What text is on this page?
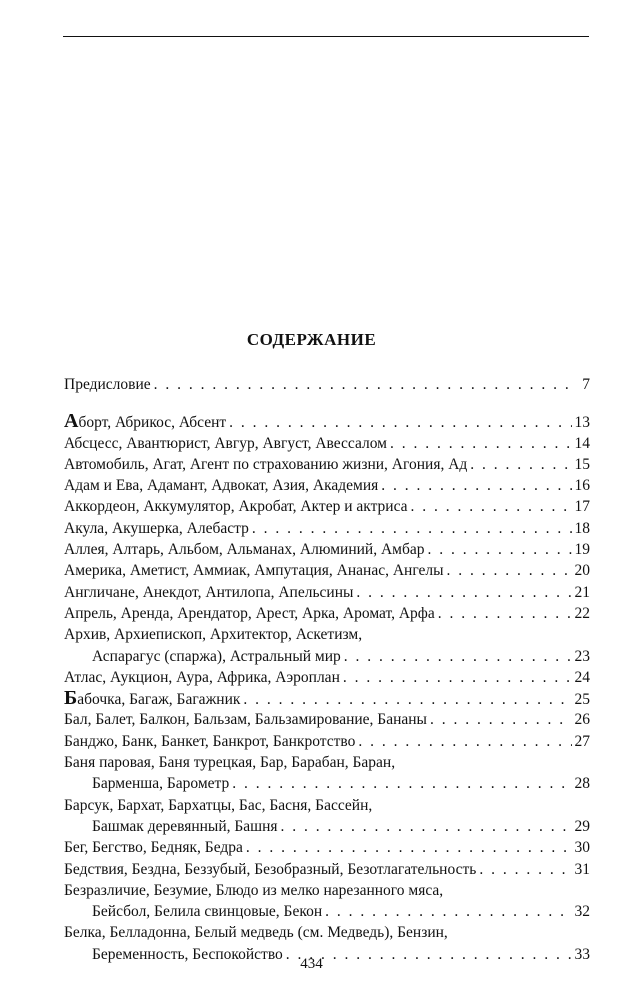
СОДЕРЖАНИЕ
Предисловие . . .	7
Аборт, Абрикос, Абсент . . .	13
Абсцесс, Авантюрист, Авгур, Август, Авессалом . . .	14
Автомобиль, Агат, Агент по страхованию жизни, Агония, Ад . . .	15
Адам и Ева, Адамант, Адвокат, Азия, Академия . . .	16
Аккордеон, Аккумулятор, Акробат, Актер и актриса . . .	17
Акула, Акушерка, Алебастр . . .	18
Аллея, Алтарь, Альбом, Альманах, Алюминий, Амбар . . .	19
Америка, Аметист, Аммиак, Ампутация, Ананас, Ангелы . . .	20
Англичане, Анекдот, Антилопа, Апельсины . . .	21
Апрель, Аренда, Арендатор, Арест, Арка, Аромат, Арфа . . .	22
Архив, Архиепископ, Архитектор, Аскетизм,
Аспарагус (спаржа), Астральный мир . . .	23
Атлас, Аукцион, Аура, Африка, Аэроплан . . .	24
Бабочка, Багаж, Багажник . . .	25
Бал, Балет, Балкон, Бальзам, Бальзамирование, Бананы . . .	26
Банджо, Банк, Банкет, Банкрот, Банкротство . . .	27
Баня паровая, Баня турецкая, Бар, Барабан, Баран,
Барменша, Барометр . . .	28
Барсук, Бархат, Бархатцы, Бас, Басня, Бассейн,
Башмак деревянный, Башня . . .	29
Бег, Бегство, Бедняк, Бедра . . .	30
Бедствия, Бездна, Беззубый, Безобразный, Безотлагательность . . .	31
Безразличие, Безумие, Блюдо из мелко нарезанного мяса,
Бейсбол, Белила свинцовые, Бекон . . .	32
Белка, Белладонна, Белый медведь (см. Медведь), Бензин,
Беременность, Беспокойство . . .	33
434
